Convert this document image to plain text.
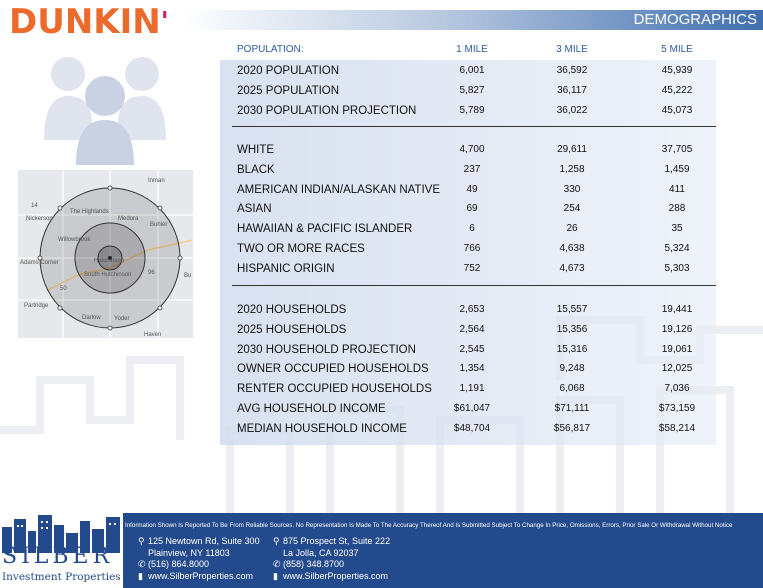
DUNKIN'	DEMOGRAPHICS
Inman
Nickerson
The Highlands
Medora
Buhler
Willowbrook
Hutchinson
South Hutchinson
Adams Corner
Partridge
Darlow Yoder
Haven
Bu
14
96
50
POPULATION:	1 MILE	3 MILE	5 MILE
2020 POPULATION	6,001	36,592	45,939
2025 POPULATION	5,827	36,117	45,222
2030 POPULATION PROJECTION	5,789	36,022	45,073
WHITE	4,700	29,611	37,705
BLACK	237	1,258	1,459
AMERICAN INDIAN/ALASKAN NATIVE	49	330	411
ASIAN	69	254	288
HAWAIIAN & PACIFIC ISLANDER	6	26	35
TWO OR MORE RACES	766	4,638	5,324
HISPANIC ORIGIN	752	4,673	5,303
2020 HOUSEHOLDS	2,653	15,557	19,441
2025 HOUSEHOLDS	2,564	15,356	19,126
2030 HOUSEHOLD PROJECTION	2,545	15,316	19,061
OWNER OCCUPIED HOUSEHOLDS	1,354	9,248	12,025
RENTER OCCUPIED HOUSEHOLDS	1,191	6,068	7,036
AVG HOUSEHOLD INCOME	$61,047	$71,111	$73,159
MEDIAN HOUSEHOLD INCOME	$48,704	$56,817	$58,214
SILBER
Investment Properties Ltd.
Information Shown Is Reported To Be From Reliable Sources. No Representation Is Made To The Accuracy Thereof And Is Submitted Subject To Change In Price, Omissions, Errors, Prior Sale Or Withdrawal Without Notice
⚲ 125 Newtown Rd, Suite 300
Plainview, NY 11803
✆ (516) 864.8000
▮ www.SilberProperties.com
⚲ 875 Prospect St, Suite 222
La Jolla, CA 92037
✆ (858) 348.8700
▮ www.SilberProperties.com
